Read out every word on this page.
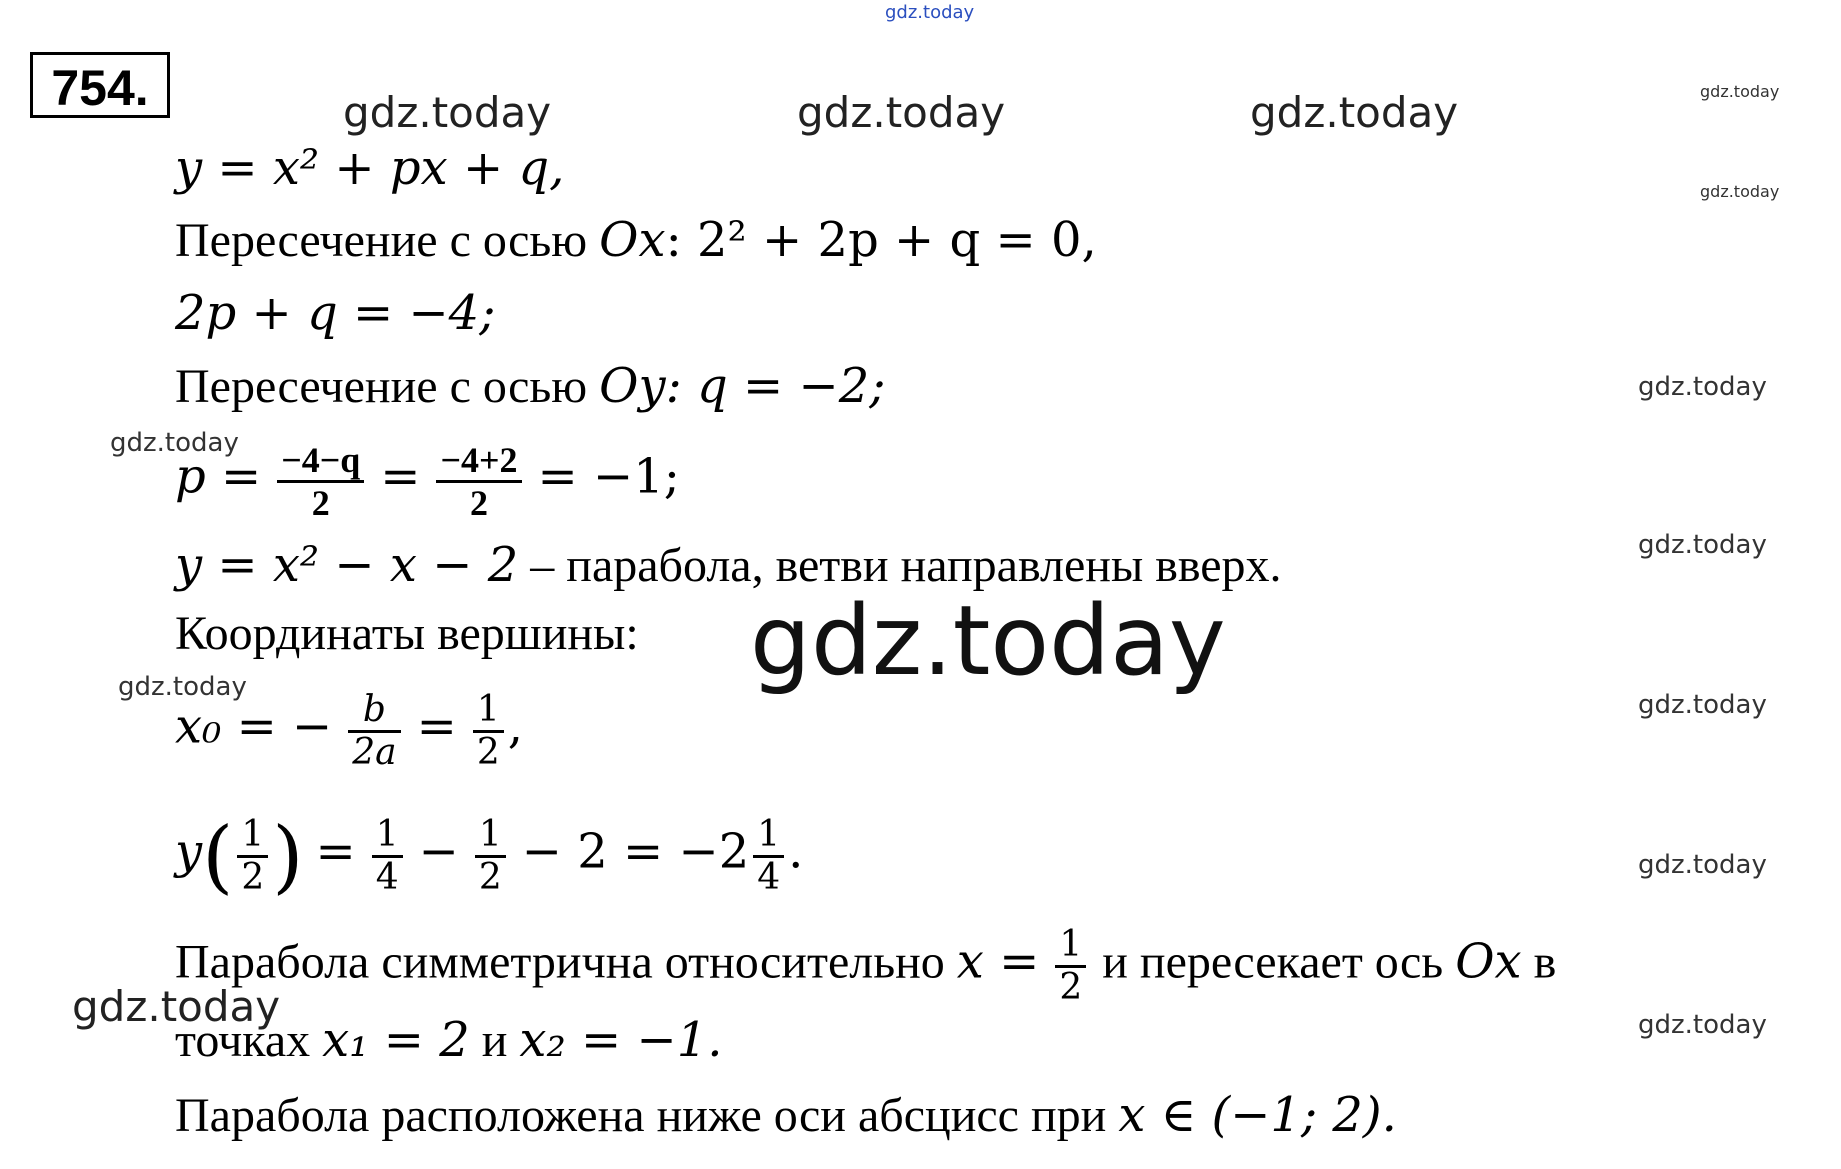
gdz.today
754.	gdz.today	gdz.today	gdz.today	gdz.today
gdz.today
y = x² + px + q,
Пересечение с осью Ox: 2² + 2p + q = 0,
2p + q = −4;
Пересечение с осью Oy: q = −2;	gdz.today
gdz.today
$p = \frac{-4-q}{2} = \frac{-4+2}{2} = -1$;
gdz.today
y = x² − x − 2 – парабола, ветви направлены вверх.
Координаты вершины: gdz.today
gdz.today
gdz.today
x₀ = − $\frac{b}{2a} = \frac{1}{2}$ ,
gdz.today
$y( \frac{1}{2}$ ) = $\frac{1}{4} - \frac{1}{2} - 2 = -2 \frac{1}{4}$ .
Парабола симметрична относительно $x = \frac{1}{2}$ и пересекает ось Ox в
gdz.today	gdz.today
точках x₁ = 2 и x₂ = −1.
Парабола расположена ниже оси абсцисс при x ∈ (−1; 2).
